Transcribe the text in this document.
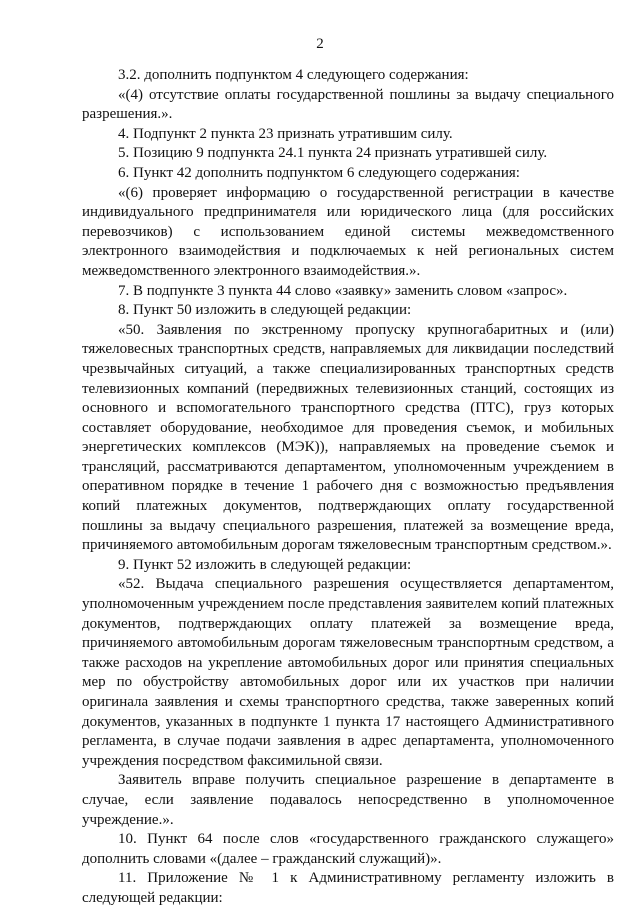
2

3.2. дополнить подпунктом 4 следующего содержания:

«(4) отсутствие оплаты государственной пошлины за выдачу специального разрешения.».

4. Подпункт 2 пункта 23 признать утратившим силу.

5. Позицию 9 подпункта 24.1 пункта 24 признать утратившей силу.

6. Пункт 42 дополнить подпунктом 6 следующего содержания:

«(6) проверяет информацию о государственной регистрации в качестве индивидуального предпринимателя или юридического лица (для российских перевозчиков) с использованием единой системы межведомственного электронного взаимодействия и подключаемых к ней региональных систем межведомственного электронного взаимодействия.».

7. В подпункте 3 пункта 44 слово «заявку» заменить словом «запрос».

8. Пункт 50 изложить в следующей редакции:

«50. Заявления по экстренному пропуску крупногабаритных и (или) тяжеловесных транспортных средств, направляемых для ликвидации последствий чрезвычайных ситуаций, а также специализированных транспортных средств телевизионных компаний (передвижных телевизионных станций, состоящих из основного и вспомогательного транспортного средства (ПТС), груз которых составляет оборудование, необходимое для проведения съемок, и мобильных энергетических комплексов (МЭК)), направляемых на проведение съемок и трансляций, рассматриваются департаментом, уполномоченным учреждением в оперативном порядке в течение 1 рабочего дня с возможностью предъявления копий платежных документов, подтверждающих оплату государственной пошлины за выдачу специального разрешения, платежей за возмещение вреда, причиняемого автомобильным дорогам тяжеловесным транспортным средством.».

9. Пункт 52 изложить в следующей редакции:

«52. Выдача специального разрешения осуществляется департаментом, уполномоченным учреждением после представления заявителем копий платежных документов, подтверждающих оплату платежей за возмещение вреда, причиняемого автомобильным дорогам тяжеловесным транспортным средством, а также расходов на укрепление автомобильных дорог или принятия специальных мер по обустройству автомобильных дорог или их участков при наличии оригинала заявления и схемы транспортного средства, также заверенных копий документов, указанных в подпункте 1 пункта 17 настоящего Административного регламента, в случае подачи заявления в адрес департамента, уполномоченного учреждения посредством факсимильной связи.

Заявитель вправе получить специальное разрешение в департаменте в случае, если заявление подавалось непосредственно в уполномоченное учреждение.».

10. Пункт 64 после слов «государственного гражданского служащего» дополнить словами «(далее – гражданский служащий)».

11. Приложение № 1 к Административному регламенту изложить в следующей редакции:
